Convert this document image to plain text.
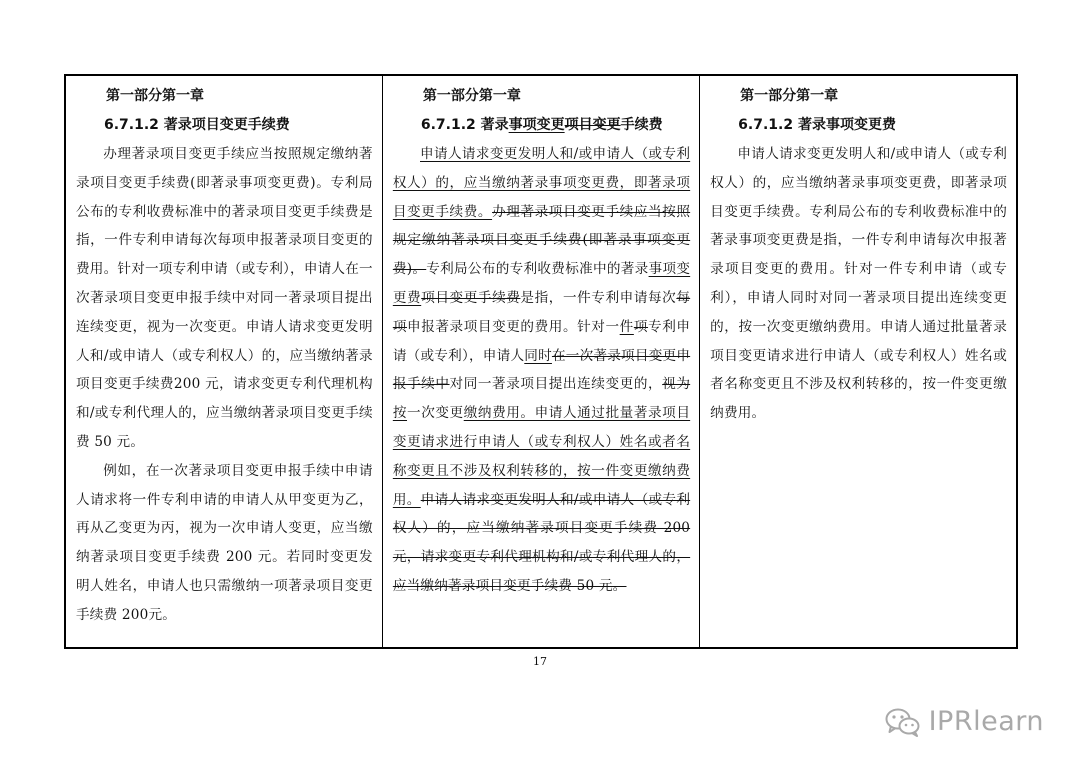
第一部分第一章
6.7.1.2 著录项目变更手续费

办理著录项目变更手续应当按照规定缴纳著录项目变更手续费(即著录事项变更费)。专利局公布的专利收费标准中的著录项目变更手续费是指，一件专利申请每次每项申报著录项目变更的费用。针对一项专利申请（或专利），申请人在一次著录项目变更申报手续中对同一著录项目提出连续变更，视为一次变更。申请人请求变更发明人和/或申请人（或专利权人）的，应当缴纳著录项目变更手续费200 元，请求变更专利代理机构和/或专利代理人的，应当缴纳著录项目变更手续费 50 元。

例如，在一次著录项目变更申报手续中申请人请求将一件专利申请的申请人从甲变更为乙，再从乙变更为丙，视为一次申请人变更，应当缴纳著录项目变更手续费 200 元。若同时变更发明人姓名，申请人也只需缴纳一项著录项目变更手续费 200元。

第一部分第一章
6.7.1.2 著录事项变更项目变更手续费

申请人请求变更发明人和/或申请人（或专利权人）的，应当缴纳著录事项变更费，即著录项目变更手续费。办理著录项目变更手续应当按照规定缴纳著录项目变更手续费(即著录事项变更费)。专利局公布的专利收费标准中的著录事项变更费项目变更手续费是指，一件专利申请每次每项申报著录项目变更的费用。针对一件项专利申请（或专利），申请人同时在一次著录项目变更申报手续中对同一著录项目提出连续变更的，视为按一次变更缴纳费用。申请人通过批量著录项目变更请求进行申请人（或专利权人）姓名或者名称变更且不涉及权利转移的，按一件变更缴纳费用。申请人请求变更发明人和/或申请人（或专利权人）的，应当缴纳著录项目变更手续费 200 元，请求变更专利代理机构和/或专利代理人的，应当缴纳著录项目变更手续费 50 元。

第一部分第一章
6.7.1.2 著录事项变更费

申请人请求变更发明人和/或申请人（或专利权人）的，应当缴纳著录事项变更费，即著录项目变更手续费。专利局公布的专利收费标准中的著录事项变更费是指，一件专利申请每次申报著录项目变更的费用。针对一件专利申请（或专利），申请人同时对同一著录项目提出连续变更的，按一次变更缴纳费用。申请人通过批量著录项目变更请求进行申请人（或专利权人）姓名或者名称变更且不涉及权利转移的，按一件变更缴纳费用。

17
IPRlearn
